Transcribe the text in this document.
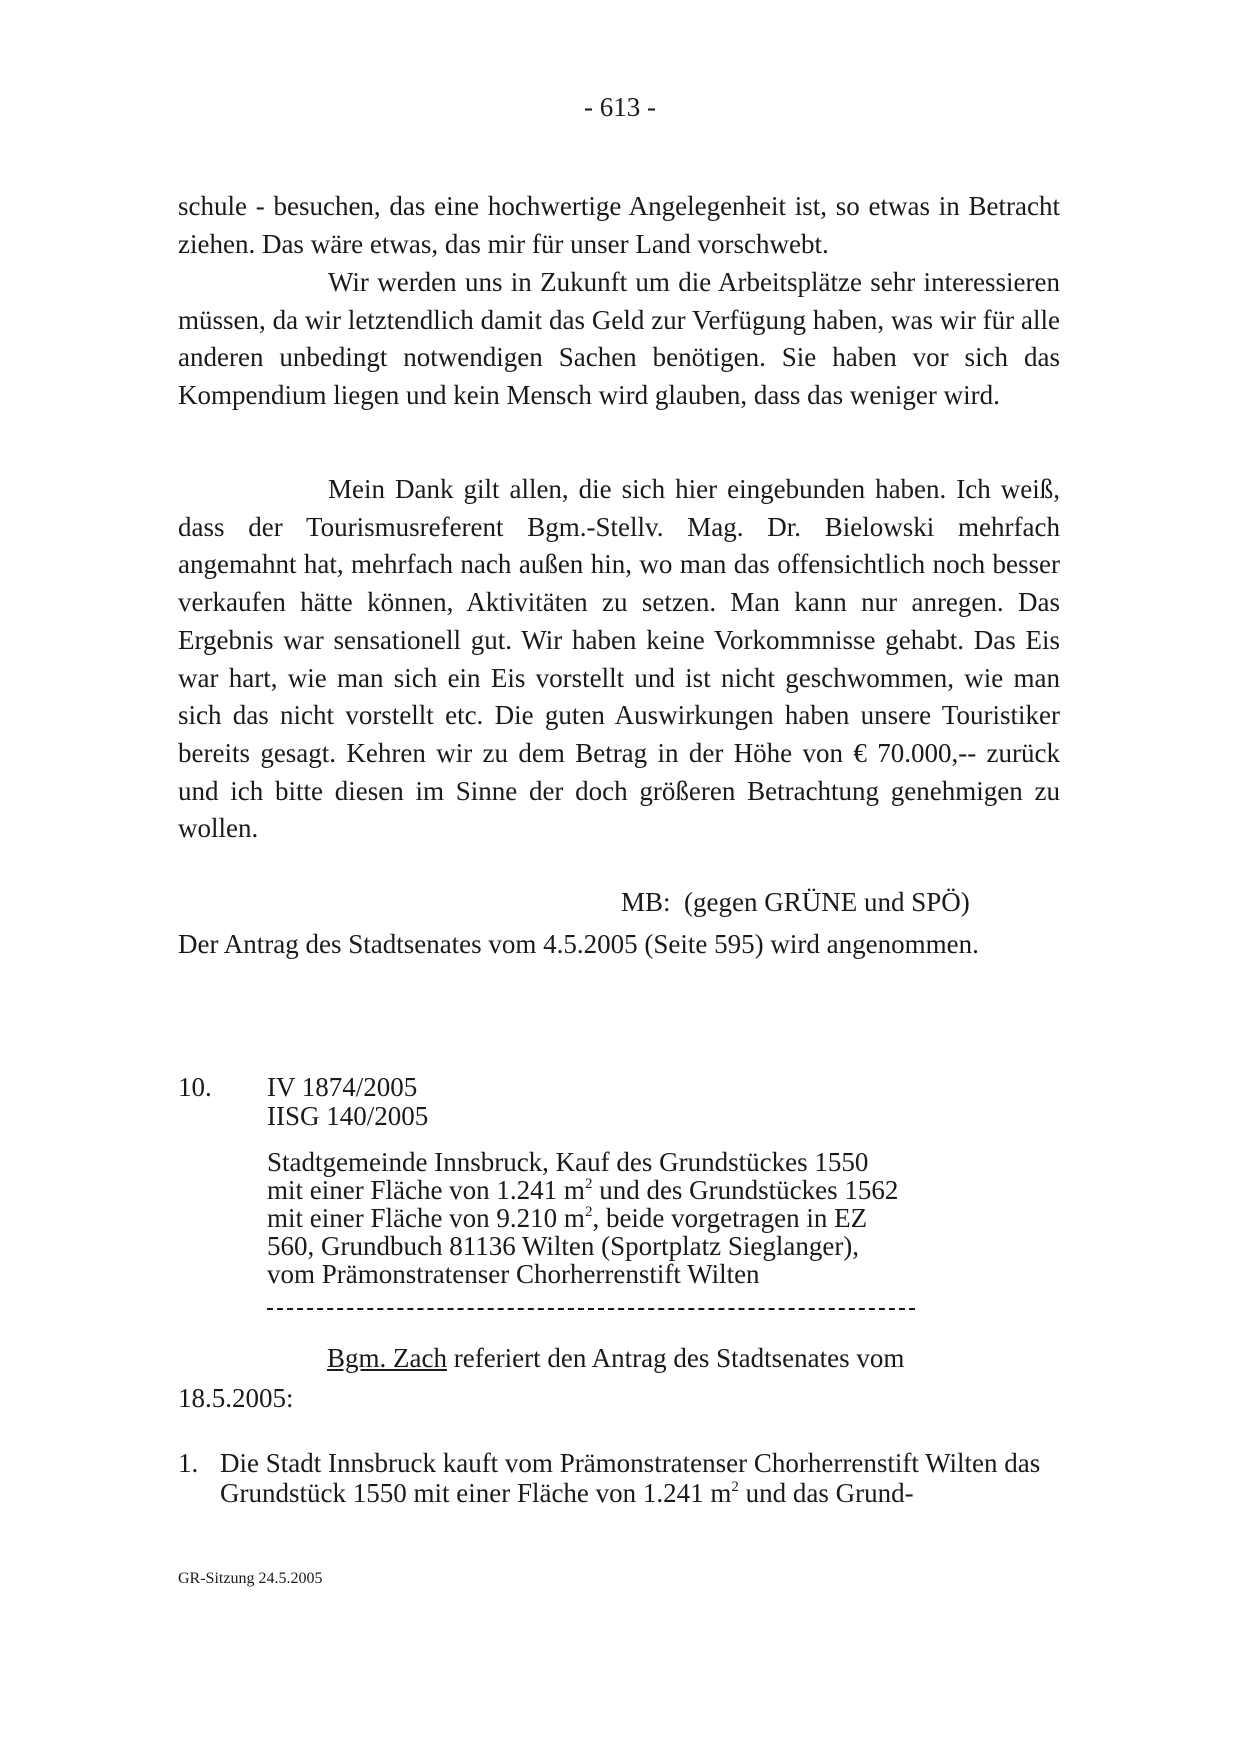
- 613 -

schule - besuchen, das eine hochwertige Angelegenheit ist, so etwas in Betracht ziehen. Das wäre etwas, das mir für unser Land vorschwebt.

Wir werden uns in Zukunft um die Arbeitsplätze sehr interessieren müssen, da wir letztendlich damit das Geld zur Verfügung haben, was wir für alle anderen unbedingt notwendigen Sachen benötigen. Sie haben vor sich das Kompendium liegen und kein Mensch wird glauben, dass das weniger wird.

Mein Dank gilt allen, die sich hier eingebunden haben. Ich weiß, dass der Tourismusreferent Bgm.-Stellv. Mag. Dr. Bielowski mehrfach angemahnt hat, mehrfach nach außen hin, wo man das offensichtlich noch besser verkaufen hätte können, Aktivitäten zu setzen. Man kann nur anregen. Das Ergebnis war sensationell gut. Wir haben keine Vorkommnisse gehabt. Das Eis war hart, wie man sich ein Eis vorstellt und ist nicht geschwommen, wie man sich das nicht vorstellt etc. Die guten Auswirkungen haben unsere Touristiker bereits gesagt. Kehren wir zu dem Betrag in der Höhe von € 70.000,-- zurück und ich bitte diesen im Sinne der doch größeren Betrachtung genehmigen zu wollen.

MB: (gegen GRÜNE und SPÖ)
Der Antrag des Stadtsenates vom 4.5.2005 (Seite 595) wird angenommen.
10. IV 1874/2005
IISG 140/2005
Stadtgemeinde Innsbruck, Kauf des Grundstückes 1550 mit einer Fläche von 1.241 $m^2$ und des Grundstückes 1562 mit einer Fläche von 9.210 $m^2$, beide vorgetragen in EZ 560, Grundbuch 81136 Wilten (Sportplatz Sieglanger), vom Prämonstratenser Chorherrenstift Wilten
Bgm. Zach referiert den Antrag des Stadtsenates vom
18.5.2005:
1. Die Stadt Innsbruck kauft vom Prämonstratenser Chorherrenstift Wilten das Grundstück 1550 mit einer Fläche von 1.241 $m^2$ und das Grund-
GR-Sitzung 24.5.2005
